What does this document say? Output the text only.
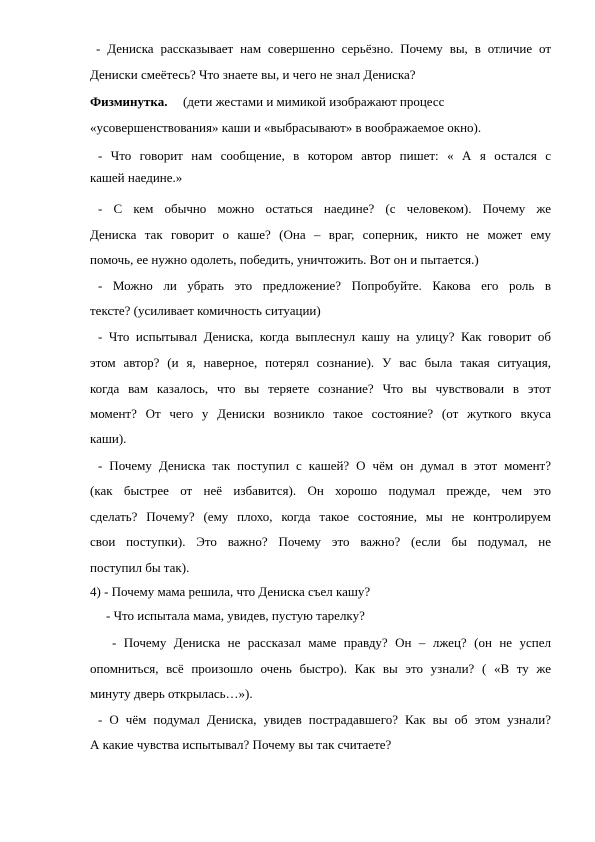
- Дениска рассказывает нам совершенно серьёзно. Почему вы, в отличие от
Дениски смеётесь? Что знаете вы, и чего не знал Дениска?
Физминутка. (дети жестами и мимикой изображают процесс
«усовершенствования» каши и «выбрасывают» в воображаемое окно).
- Что говорит нам сообщение, в котором автор пишет: « А я остался с
кашей наедине.»
- С кем обычно можно остаться наедине? (с человеком). Почему же
Дениска так говорит о каше? (Она – враг, соперник, никто не может ему
помочь, ее нужно одолеть, победить, уничтожить. Вот он и пытается.)
- Можно ли убрать это предложение? Попробуйте. Какова его роль в
тексте? (усиливает комичность ситуации)
- Что испытывал Дениска, когда выплеснул кашу на улицу? Как говорит об
этом автор? (и я, наверное, потерял сознание). У вас была такая ситуация,
когда вам казалось, что вы теряете сознание? Что вы чувствовали в этот
момент? От чего у Дениски возникло такое состояние? (от жуткого вкуса
каши).
- Почему Дениска так поступил с кашей? О чём он думал в этот момент?
(как быстрее от неё избавится). Он хорошо подумал прежде, чем это
сделать? Почему? (ему плохо, когда такое состояние, мы не контролируем
свои поступки). Это важно? Почему это важно? (если бы подумал, не
поступил бы так).
4) - Почему мама решила, что Дениска съел кашу?
- Что испытала мама, увидев, пустую тарелку?
- Почему Дениска не рассказал маме правду? Он – лжец? (он не успел
опомниться, всё произошло очень быстро). Как вы это узнали? ( «В ту же
минуту дверь открылась…»).
- О чём подумал Дениска, увидев пострадавшего? Как вы об этом узнали?
А какие чувства испытывал? Почему вы так считаете?
